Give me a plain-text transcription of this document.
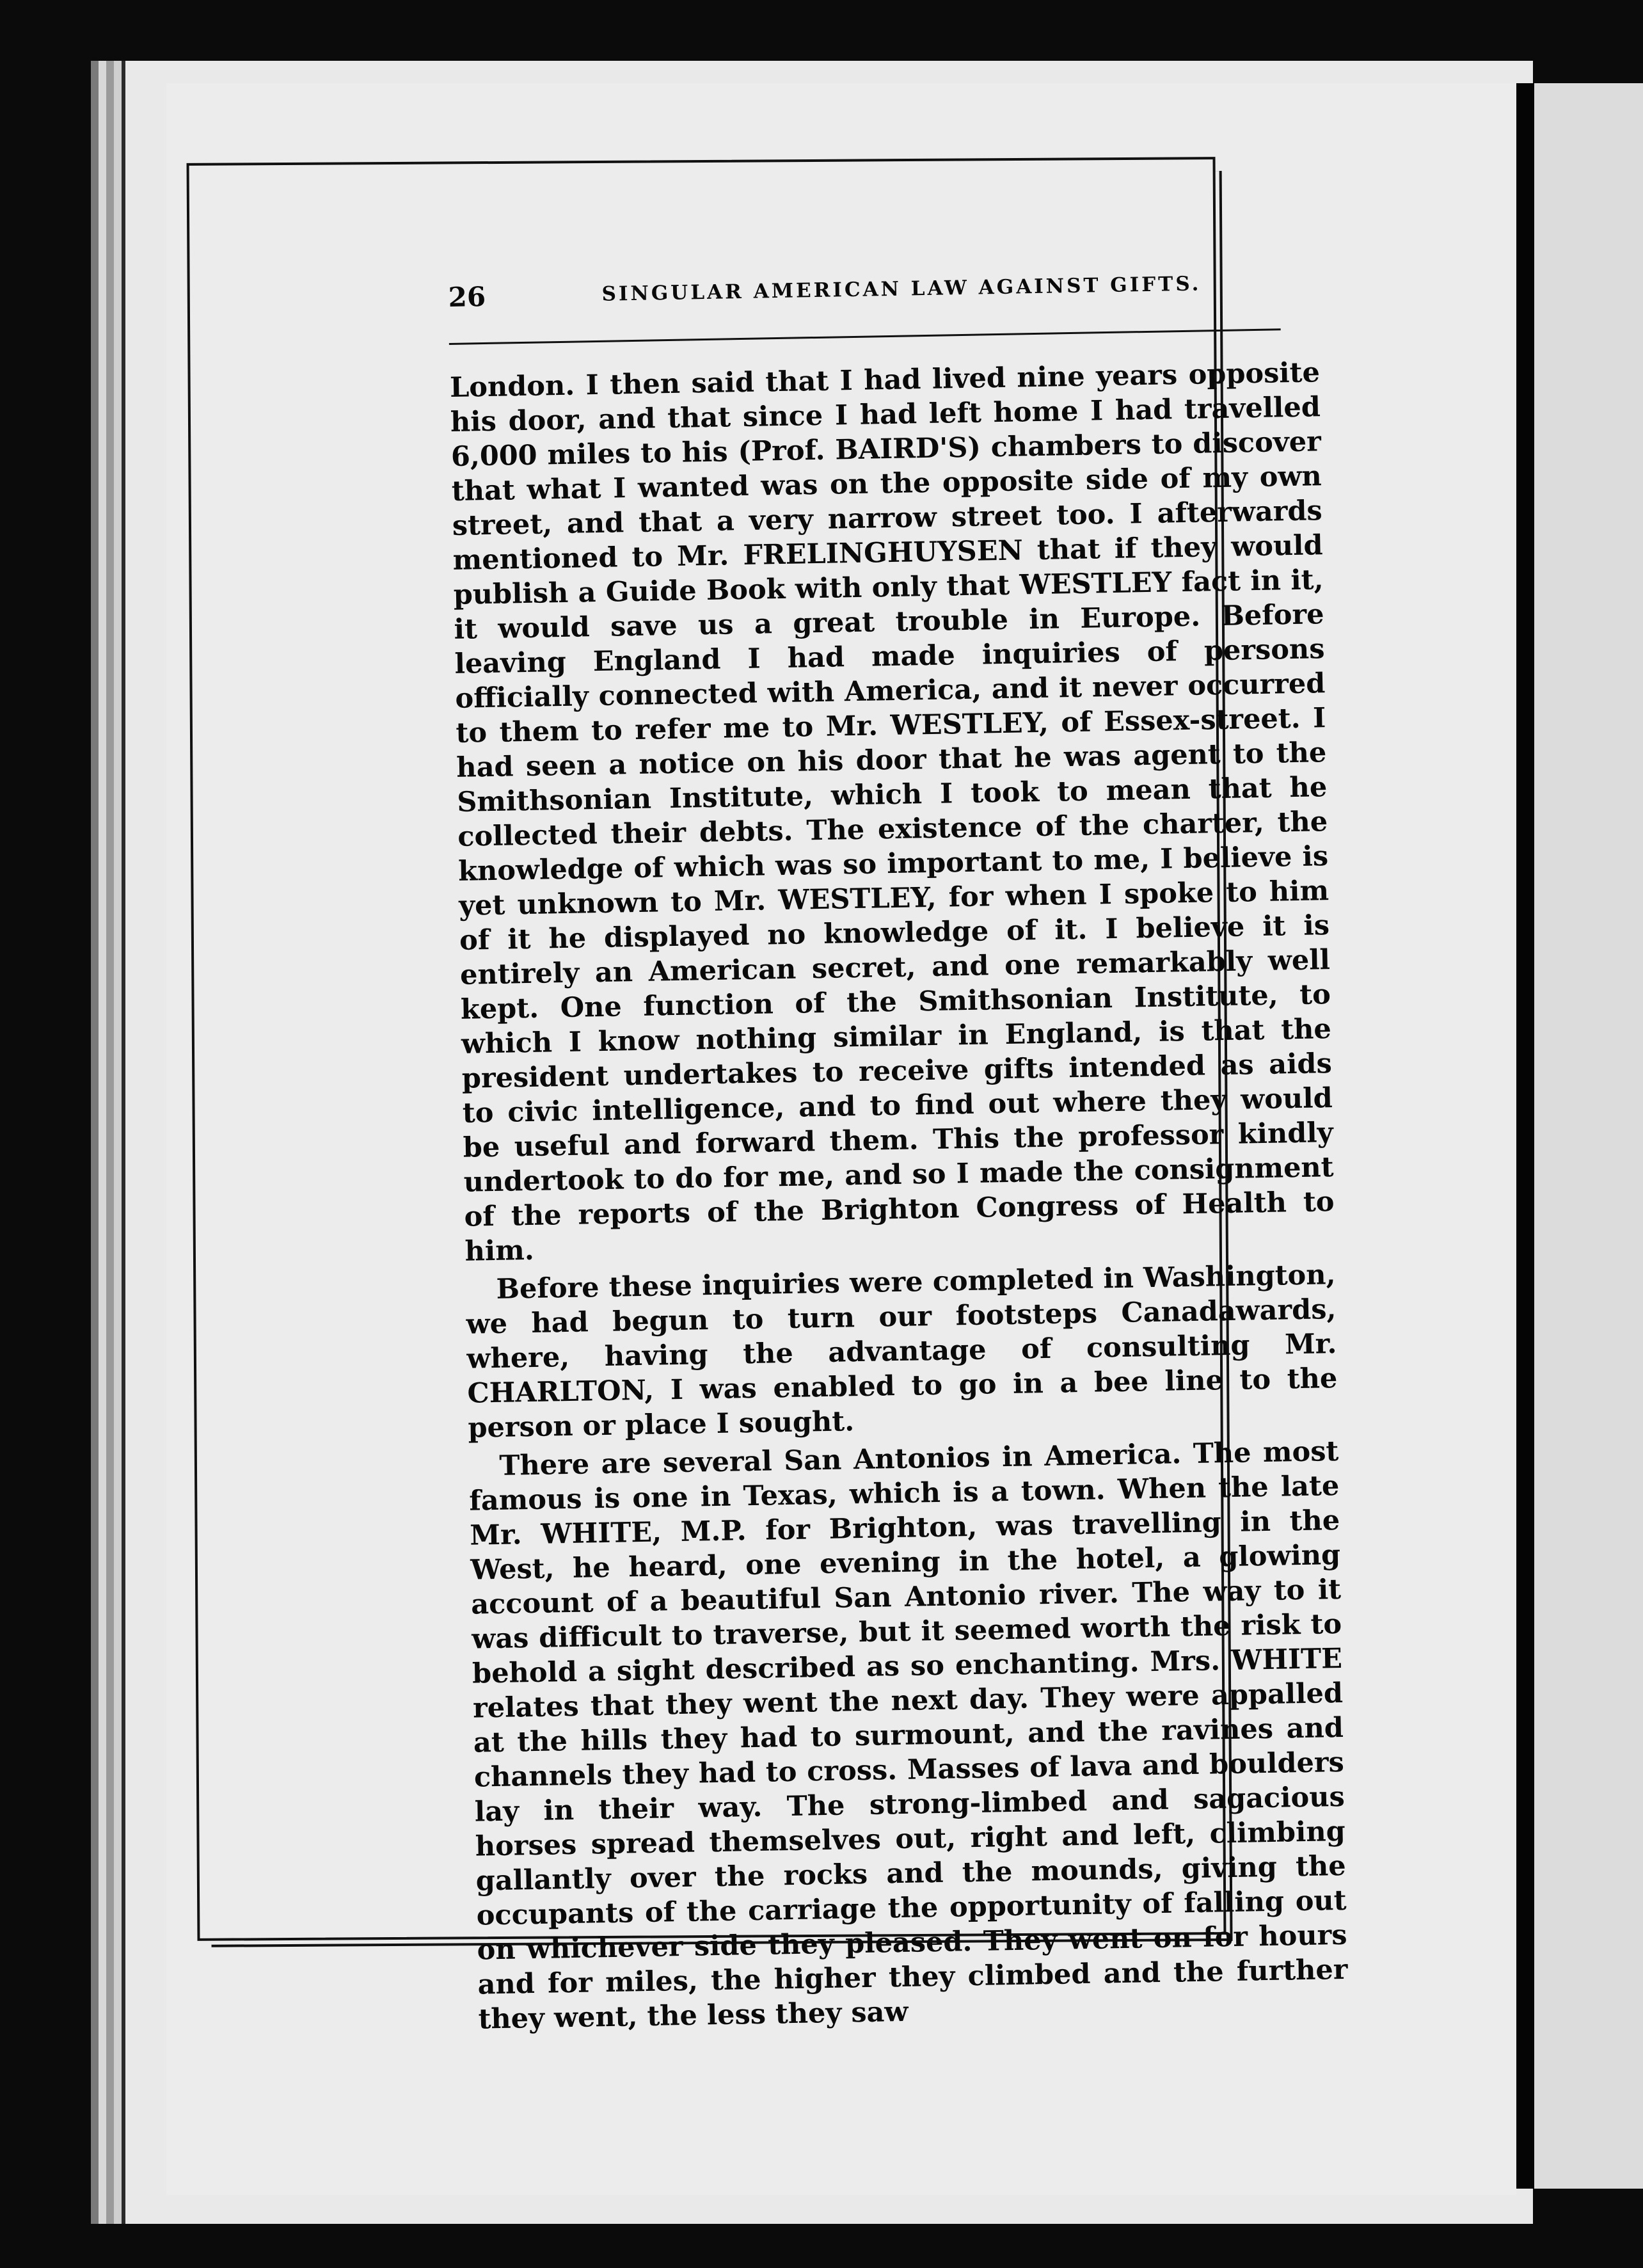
26	SINGULAR AMERICAN LAW AGAINST GIFTS.

London. I then said that I had lived nine years opposite his door, and that since I had left home I had travelled 6,000 miles to his (Prof. BAIRD'S) chambers to discover that what I wanted was on the opposite side of my own street, and that a very narrow street too. I afterwards mentioned to Mr. FRELINGHUYSEN that if they would publish a Guide Book with only that WESTLEY fact in it, it would save us a great trouble in Europe. Before leaving England I had made inquiries of persons officially connected with America, and it never occurred to them to refer me to Mr. WESTLEY, of Essex-street. I had seen a notice on his door that he was agent to the Smithsonian Institute, which I took to mean that he collected their debts. The existence of the charter, the knowledge of which was so important to me, I believe is yet unknown to Mr. WESTLEY, for when I spoke to him of it he displayed no knowledge of it. I believe it is entirely an American secret, and one remarkably well kept. One function of the Smithsonian Institute, to which I know nothing similar in England, is that the president undertakes to receive gifts intended as aids to civic intelligence, and to find out where they would be useful and forward them. This the professor kindly undertook to do for me, and so I made the consignment of the reports of the Brighton Congress of Health to him.

Before these inquiries were completed in Washington, we had begun to turn our footsteps Canadawards, where, having the advantage of consulting Mr. CHARLTON, I was enabled to go in a bee line to the person or place I sought.

There are several San Antonios in America. The most famous is one in Texas, which is a town. When the late Mr. WHITE, M.P. for Brighton, was travelling in the West, he heard, one evening in the hotel, a glowing account of a beautiful San Antonio river. The way to it was difficult to traverse, but it seemed worth the risk to behold a sight described as so enchanting. Mrs. WHITE relates that they went the next day. They were appalled at the hills they had to surmount, and the ravines and channels they had to cross. Masses of lava and boulders lay in their way. The strong-limbed and sagacious horses spread themselves out, right and left, climbing gallantly over the rocks and the mounds, giving the occupants of the carriage the opportunity of falling out on whichever side they pleased. They went on for hours and for miles, the higher they climbed and the further they went, the less they saw
